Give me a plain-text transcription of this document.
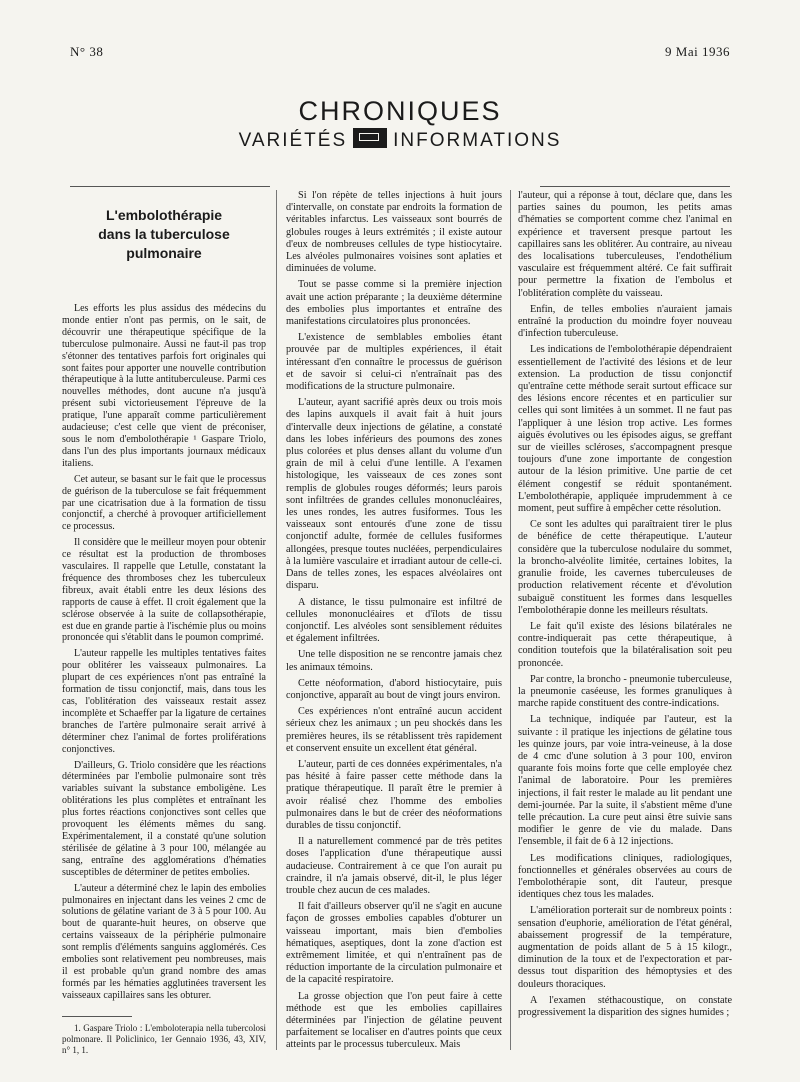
N° 38	9 Mai 1936
CHRONIQUES
VARIÉTÉS INFORMATIONS
L'embolothérapie
dans la tuberculose pulmonaire

Les efforts les plus assidus des médecins du monde entier n'ont pas permis, on le sait, de découvrir une thérapeutique spécifique de la tuberculose pulmonaire. Aussi ne faut-il pas trop s'étonner des tentatives parfois fort originales qui sont faites pour apporter une nouvelle contribution thérapeutique à la lutte antituberculeuse. Parmi ces nouvelles méthodes, dont aucune n'a jusqu'à présent subi victorieusement l'épreuve de la pratique, l'une apparaît comme particulièrement audacieuse; c'est celle que vient de préconiser, sous le nom d'embolothérapie ¹ Gaspare Triolo, dans l'un des plus importants journaux médicaux italiens.

Cet auteur, se basant sur le fait que le processus de guérison de la tuberculose se fait fréquemment par une cicatrisation due à la formation de tissu conjonctif, a cherché à provoquer artificiellement ce processus.

Il considère que le meilleur moyen pour obtenir ce résultat est la production de thromboses vasculaires. Il rappelle que Letulle, constatant la fréquence des thromboses chez les tuberculeux fibreux, avait établi entre les deux lésions des rapports de cause à effet. Il croit également que la sclérose observée à la suite de collapsothérapie, est due en grande partie à l'ischémie plus ou moins prononcée qui s'établit dans le poumon comprimé.

L'auteur rappelle les multiples tentatives faites pour oblitérer les vaisseaux pulmonaires. La plupart de ces expériences n'ont pas entraîné la formation de tissu conjonctif, mais, dans tous les cas, l'oblitération des vaisseaux restait assez incomplète et Schaeffer par la ligature de certaines branches de l'artère pulmonaire serait arrivé à déterminer chez l'animal de fortes proliférations conjonctives.

D'ailleurs, G. Triolo considère que les réactions déterminées par l'embolie pulmonaire sont très variables suivant la substance emboligène. Les oblitérations les plus complètes et entraînant les plus fortes réactions conjonctives sont celles que provoquent les éléments mêmes du sang. Expérimentalement, il a constaté qu'une solution stérilisée de gélatine à 3 pour 100, mélangée au sang, entraîne des agglomérations d'hématies susceptibles de déterminer de petites embolies.

L'auteur a déterminé chez le lapin des embolies pulmonaires en injectant dans les veines 2 cmc de solutions de gélatine variant de 3 à 5 pour 100. Au bout de quarante-huit heures, on observe que certains vaisseaux de la périphérie pulmonaire sont remplis d'éléments sanguins agglomérés. Ces embolies sont relativement peu nombreuses, mais il est probable qu'un grand nombre des amas formés par les hématies agglutinées traversent les vaisseaux capillaires sans les obturer.

1. Gaspare Triolo : L'emboloterapia nella tubercolosi polmonare. Il Policlinico, 1er Gennaio 1936, 43, XIV, n° 1, 1.

Si l'on répète de telles injections à huit jours d'intervalle, on constate par endroits la formation de véritables infarctus. Les vaisseaux sont bourrés de globules rouges à leurs extrémités ; il existe autour d'eux de nombreuses cellules de type histiocytaire. Les alvéoles pulmonaires voisines sont aplaties et diminuées de volume.

Tout se passe comme si la première injection avait une action préparante ; la deuxième détermine des embolies plus importantes et entraîne des manifestations circulatoires plus prononcées.

L'existence de semblables embolies étant prouvée par de multiples expériences, il était intéressant d'en connaître le processus de guérison et de savoir si celui-ci n'entraînait pas des modifications de la structure pulmonaire.

L'auteur, ayant sacrifié après deux ou trois mois des lapins auxquels il avait fait à huit jours d'intervalle deux injections de gélatine, a constaté dans les lobes inférieurs des poumons des zones plus colorées et plus denses allant du volume d'un grain de mil à celui d'une lentille. A l'examen histologique, les vaisseaux de ces zones sont remplis de globules rouges déformés; leurs parois sont infiltrées de grandes cellules mononucléaires, les unes rondes, les autres fusiformes. Tous les vaisseaux sont entourés d'une zone de tissu conjonctif adulte, formée de cellules fusiformes allongées, presque toutes nucléées, perpendiculaires à la lumière vasculaire et irradiant autour de celle-ci. Dans de telles zones, les espaces alvéolaires ont disparu.

A distance, le tissu pulmonaire est infiltré de cellules mononucléaires et d'îlots de tissu conjonctif. Les alvéoles sont sensiblement réduites et également infiltrées.

Une telle disposition ne se rencontre jamais chez les animaux témoins.

Cette néoformation, d'abord histiocytaire, puis conjonctive, apparaît au bout de vingt jours environ.

Ces expériences n'ont entraîné aucun accident sérieux chez les animaux ; un peu shockés dans les premières heures, ils se rétablissent très rapidement et conservent ensuite un excellent état général.

L'auteur, parti de ces données expérimentales, n'a pas hésité à faire passer cette méthode dans la pratique thérapeutique. Il paraît être le premier à avoir réalisé chez l'homme des embolies pulmonaires dans le but de créer des néoformations durables de tissu conjonctif.

Il a naturellement commencé par de très petites doses l'application d'une thérapeutique aussi audacieuse. Contrairement à ce que l'on aurait pu craindre, il n'a jamais observé, dit-il, le plus léger trouble chez aucun de ces malades.

Il fait d'ailleurs observer qu'il ne s'agit en aucune façon de grosses embolies capables d'obturer un vaisseau important, mais bien d'embolies hématiques, aseptiques, dont la zone d'action est extrêmement limitée, et qui n'entraînent pas de réduction importante de la circulation pulmonaire et de la capacité respiratoire.

La grosse objection que l'on peut faire à cette méthode est que les embolies capillaires déterminées par l'injection de gélatine peuvent parfaitement se localiser en d'autres points que ceux atteints par le processus tuberculeux. Mais

l'auteur, qui a réponse à tout, déclare que, dans les parties saines du poumon, les petits amas d'hématies se comportent comme chez l'animal en expérience et traversent presque partout les capillaires sans les oblitérer. Au contraire, au niveau des localisations tuberculeuses, l'endothélium vasculaire est fréquemment altéré. Ce fait suffirait pour permettre la fixation de l'embolus et l'oblitération complète du vaisseau.

Enfin, de telles embolies n'auraient jamais entraîné la production du moindre foyer nouveau d'infection tuberculeuse.

Les indications de l'embolothérapie dépendraient essentiellement de l'activité des lésions et de leur extension. La production de tissu conjonctif qu'entraîne cette méthode serait surtout efficace sur des lésions encore récentes et en particulier sur celles qui sont limitées à un sommet. Il ne faut pas l'appliquer à une lésion trop active. Les formes aiguës évolutives ou les épisodes aigus, se greffant sur de vieilles scléroses, s'accompagnent presque toujours d'une zone importante de congestion autour de la lésion primitive. Une partie de cet élément congestif se réduit spontanément. L'embolothérapie, appliquée imprudemment à ce moment, peut suffire à empêcher cette résolution.

Ce sont les adultes qui paraîtraient tirer le plus de bénéfice de cette thérapeutique. L'auteur considère que la tuberculose nodulaire du sommet, la broncho-alvéolite limitée, certaines lobites, la granulie froide, les cavernes tuberculeuses de production relativement récente et d'évolution subaiguë constituent les formes dans lesquelles l'embolothérapie donne les meilleurs résultats.

Le fait qu'il existe des lésions bilatérales ne contre-indiquerait pas cette thérapeutique, à condition toutefois que la bilatéralisation soit peu prononcée.

Par contre, la broncho - pneumonie tuberculeuse, la pneumonie caséeuse, les formes granuliques à marche rapide constituent des contre-indications.

La technique, indiquée par l'auteur, est la suivante : il pratique les injections de gélatine tous les quinze jours, par voie intra-veineuse, à la dose de 4 cmc d'une solution à 3 pour 100, environ quarante fois moins forte que celle employée chez l'animal de laboratoire. Pour les premières injections, il fait rester le malade au lit pendant une demi-journée. Par la suite, il s'abstient même d'une telle précaution. La cure peut ainsi être suivie sans modifier le genre de vie du malade. Dans l'ensemble, il fait de 6 à 12 injections.

Les modifications cliniques, radiologiques, fonctionnelles et générales observées au cours de l'embolothérapie sont, dit l'auteur, presque identiques chez tous les malades.

L'amélioration porterait sur de nombreux points : sensation d'euphorie, amélioration de l'état général, abaissement progressif de la température, augmentation de poids allant de 5 à 15 kilogr., diminution de la toux et de l'expectoration et par-dessus tout disparition des hémoptysies et des douleurs thoraciques.

A l'examen stéthacoustique, on constate progressivement la disparition des signes humides ;
